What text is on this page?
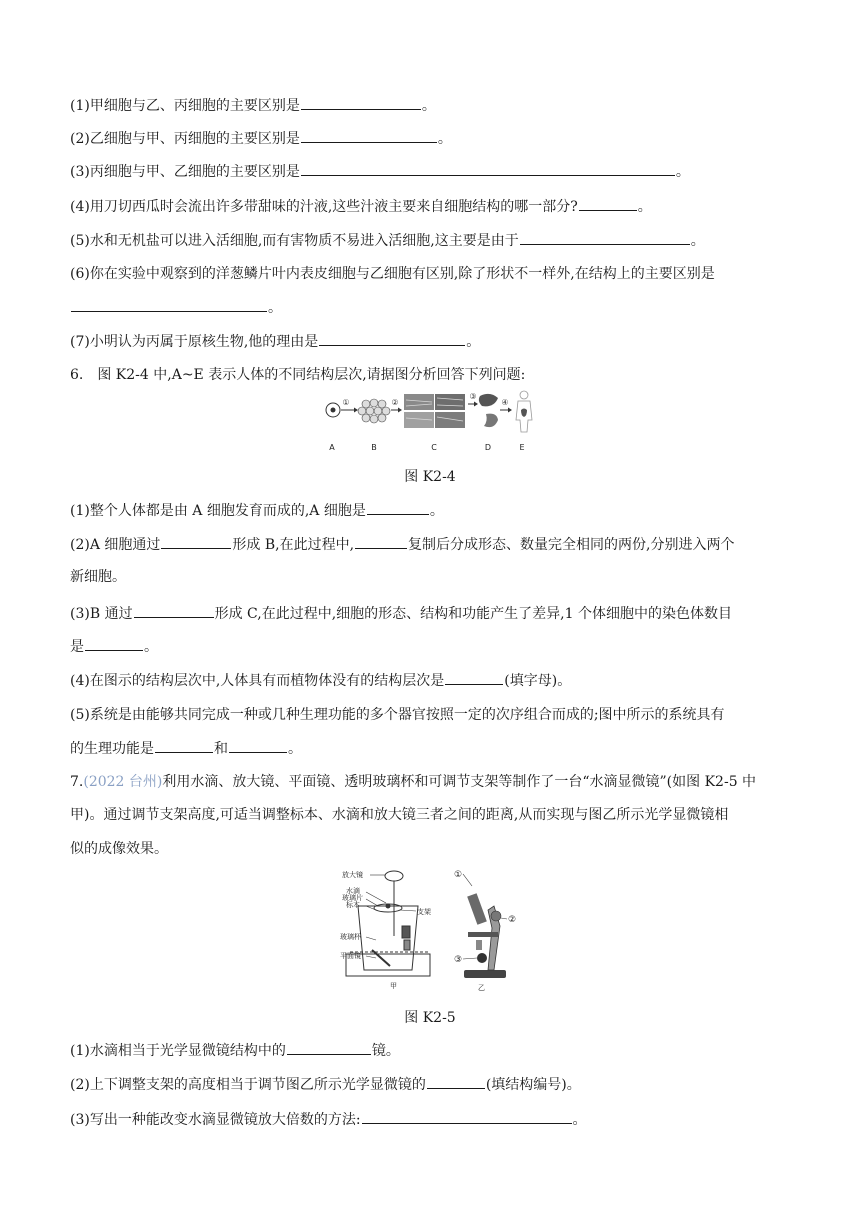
(1)甲细胞与乙、丙细胞的主要区别是	。
(2)乙细胞与甲、丙细胞的主要区别是	。
(3)丙细胞与甲、乙细胞的主要区别是	。
(4)用刀切西瓜时会流出许多带甜味的汁液,这些汁液主要来自细胞结构的哪一部分?	。
(5)水和无机盐可以进入活细胞,而有害物质不易进入活细胞,这主要是由于	。
(6)你在实验中观察到的洋葱鳞片叶内表皮细胞与乙细胞有区别,除了形状不一样外,在结构上的主要区别是
。
(7)小明认为丙属于原核生物,他的理由是	。
6.　图 K2-4 中,A~E 表示人体的不同结构层次,请据图分析回答下列问题:
①	②
③
④
A	B	C	D	E
图 K2-4
(1)整个人体都是由 A 细胞发育而成的,A 细胞是	。
(2)A 细胞通过	形成 B,在此过程中,	复制后分成形态、数量完全相同的两份,分别进入两个
新细胞。
(3)B 通过	形成 C,在此过程中,细胞的形态、结构和功能产生了差异,1 个体细胞中的染色体数目
是	。
(4)在图示的结构层次中,人体具有而植物体没有的结构层次是	(填字母)。
(5)系统是由能够共同完成一种或几种生理功能的多个器官按照一定的次序组合而成的;图中所示的系统具有
的生理功能是	和	。
7.(2022 台州)利用水滴、放大镜、平面镜、透明玻璃杯和可调节支架等制作了一台“水滴显微镜”(如图 K2-5 中
甲)。通过调节支架高度,可适当调整标本、水滴和放大镜三者之间的距离,从而实现与图乙所示光学显微镜相
似的成像效果。
放大镜
水滴
玻璃片
标本
支架
玻璃杯
平面镜
甲	乙
①
②
③
图 K2-5
(1)水滴相当于光学显微镜结构中的	镜。
(2)上下调整支架的高度相当于调节图乙所示光学显微镜的	(填结构编号)。
(3)写出一种能改变水滴显微镜放大倍数的方法:	。
